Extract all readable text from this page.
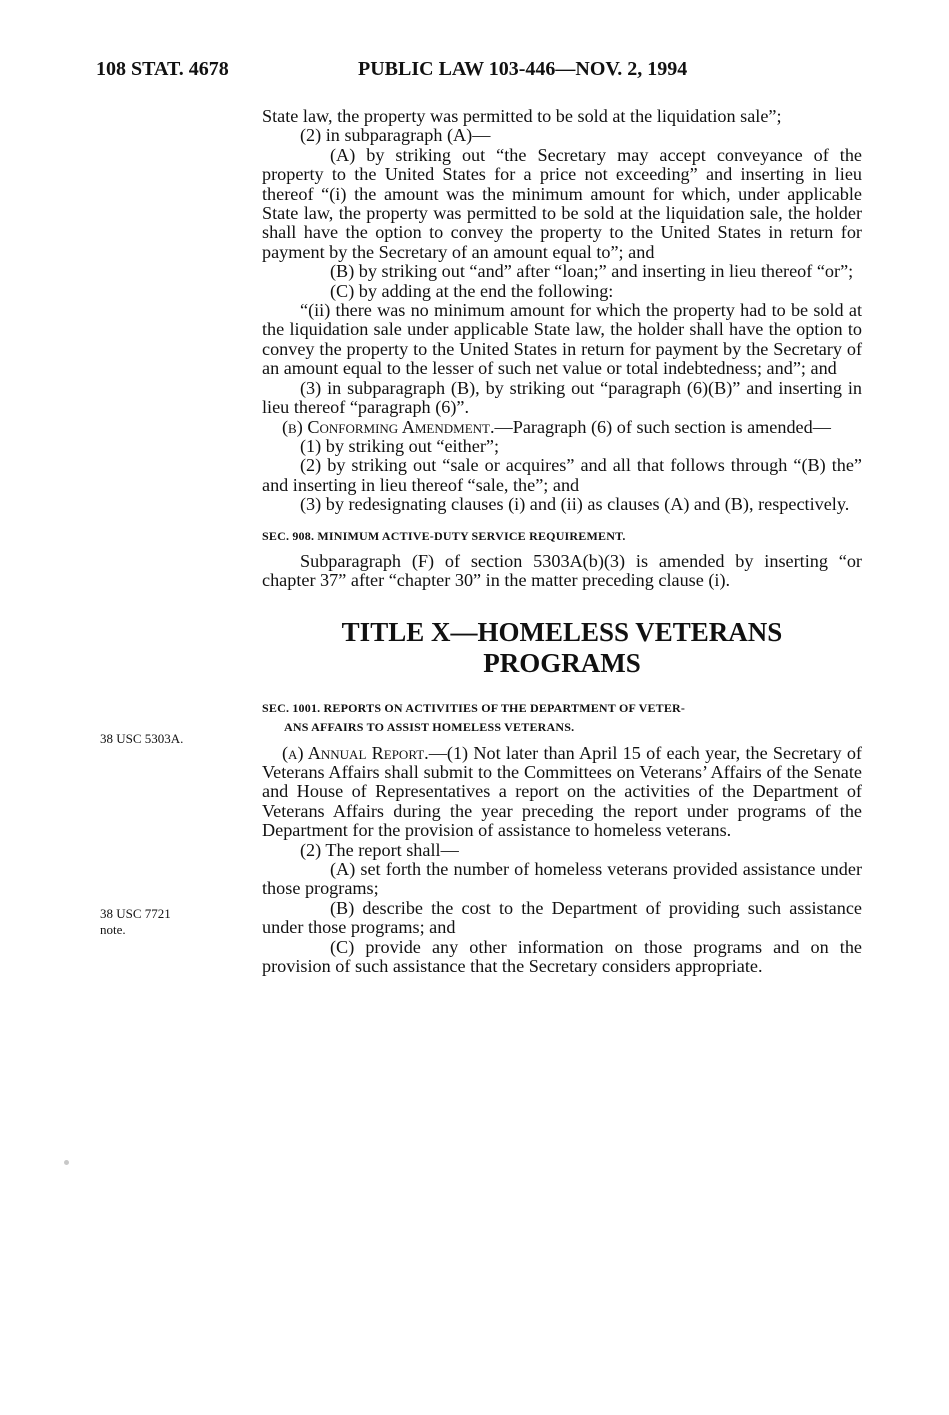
108 STAT. 4678	PUBLIC LAW 103-446—NOV. 2, 1994
38 USC 5303A.
38 USC 7721
note.

State law, the property was permitted to be sold at the liquidation sale”;

(2) in subparagraph (A)—

(A) by striking out “the Secretary may accept conveyance of the property to the United States for a price not exceeding” and inserting in lieu thereof “(i) the amount was the minimum amount for which, under applicable State law, the property was permitted to be sold at the liquidation sale, the holder shall have the option to convey the property to the United States in return for payment by the Secretary of an amount equal to”; and

(B) by striking out “and” after “loan;” and inserting in lieu thereof “or”;

(C) by adding at the end the following:

“(ii) there was no minimum amount for which the property had to be sold at the liquidation sale under applicable State law, the holder shall have the option to convey the property to the United States in return for payment by the Secretary of an amount equal to the lesser of such net value or total indebtedness; and”; and

(3) in subparagraph (B), by striking out “paragraph (6)(B)” and inserting in lieu thereof “paragraph (6)”.

(b) Conforming Amendment.—Paragraph (6) of such section is amended—

(1) by striking out “either”;

(2) by striking out “sale or acquires” and all that follows through “(B) the” and inserting in lieu thereof “sale, the”; and

(3) by redesignating clauses (i) and (ii) as clauses (A) and (B), respectively.

SEC. 908. MINIMUM ACTIVE-DUTY SERVICE REQUIREMENT.

Subparagraph (F) of section 5303A(b)(3) is amended by inserting “or chapter 37” after “chapter 30” in the matter preceding clause (i).

TITLE X—HOMELESS VETERANS
PROGRAMS
SEC. 1001. REPORTS ON ACTIVITIES OF THE DEPARTMENT OF VETER-
ANS AFFAIRS TO ASSIST HOMELESS VETERANS.

(a) Annual Report.—(1) Not later than April 15 of each year, the Secretary of Veterans Affairs shall submit to the Committees on Veterans’ Affairs of the Senate and House of Representatives a report on the activities of the Department of Veterans Affairs during the year preceding the report under programs of the Department for the provision of assistance to homeless veterans.

(2) The report shall—

(A) set forth the number of homeless veterans provided assistance under those programs;

(B) describe the cost to the Department of providing such assistance under those programs; and

(C) provide any other information on those programs and on the provision of such assistance that the Secretary considers appropriate.
